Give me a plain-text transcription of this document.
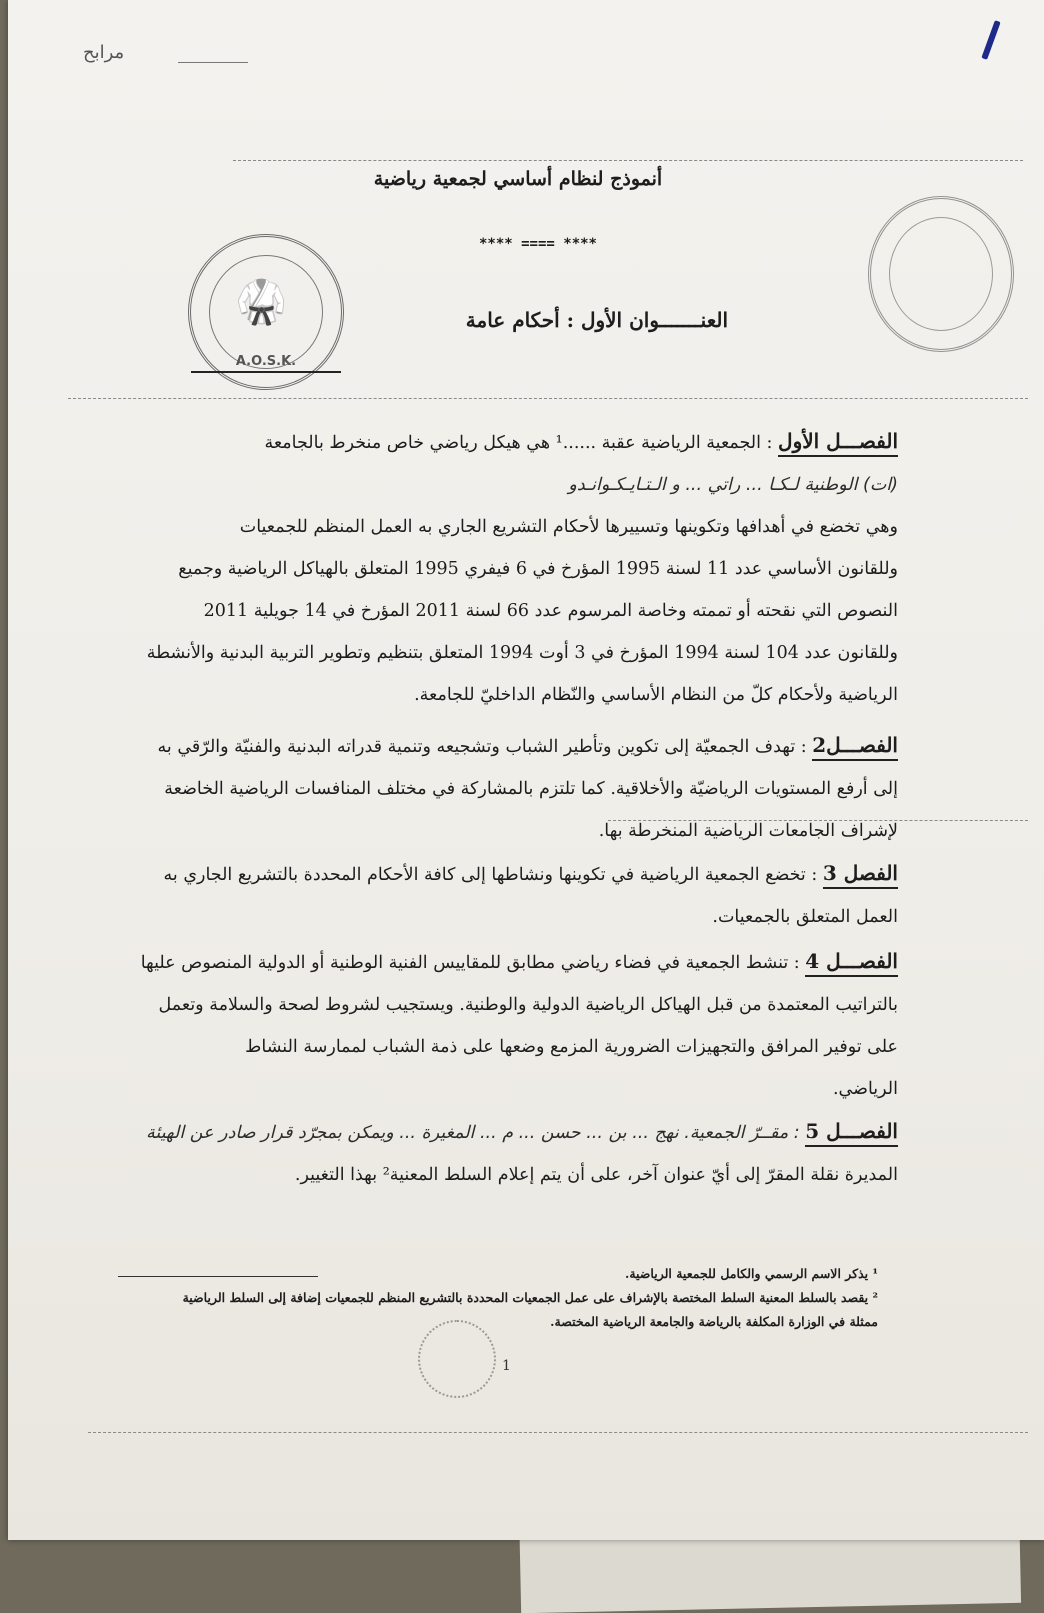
مرابح
أنموذج لنظام أساسي لجمعية رياضية
**** ==== ****
العنـــــــوان الأول : أحكام عامة
🥋
A.O.S.K.
الفصـــل الأول : الجمعية الرياضية عقبة ......¹ هي هيكل رياضي خاص منخرط بالجامعة
(ات) الوطنية لـكـا ... راتي ... و الـتـايـكـوانـدو
وهي تخضع في أهدافها وتكوينها وتسييرها لأحكام التشريع الجاري به العمل المنظم للجمعيات
وللقانون الأساسي عدد 11 لسنة 1995 المؤرخ في 6 فيفري 1995 المتعلق بالهياكل الرياضية وجميع
النصوص التي نقحته أو تممته وخاصة المرسوم عدد 66 لسنة 2011 المؤرخ في 14 جويلية 2011
وللقانون عدد 104 لسنة 1994 المؤرخ في 3 أوت 1994 المتعلق بتنظيم وتطوير التربية البدنية والأنشطة
الرياضية ولأحكام كلّ من النظام الأساسي والنّظام الداخليّ للجامعة.
الفصـــل2 : تهدف الجمعيّة إلى تكوين وتأطير الشباب وتشجيعه وتنمية قدراته البدنية والفنيّة والرّقي به
إلى أرفع المستويات الرياضيّة والأخلاقية. كما تلتزم بالمشاركة في مختلف المنافسات الرياضية الخاضعة
لإشراف الجامعات الرياضية المنخرطة بها.
الفصل 3 : تخضع الجمعية الرياضية في تكوينها ونشاطها إلى كافة الأحكام المحددة بالتشريع الجاري به
العمل المتعلق بالجمعيات.
الفصـــل 4 : تنشط الجمعية في فضاء رياضي مطابق للمقاييس الفنية الوطنية أو الدولية المنصوص عليها
بالتراتيب المعتمدة من قبل الهياكل الرياضية الدولية والوطنية. ويستجيب لشروط لصحة والسلامة وتعمل
على توفير المرافق والتجهيزات الضرورية المزمع وضعها على ذمة الشباب لممارسة النشاط
الرياضي.
الفصـــل 5 : مقــرّ الجمعية. نهج ... بن ... حسن ... م ... المغيرة ... ويمكن بمجرّد قرار صادر عن الهيئة
المديرة نقلة المقرّ إلى أيّ عنوان آخر، على أن يتم إعلام السلط المعنية² بهذا التغيير.
¹ يذكر الاسم الرسمي والكامل للجمعية الرياضية.
² يقصد بالسلط المعنية السلط المختصة بالإشراف على عمل الجمعيات المحددة بالتشريع المنظم للجمعيات إضافة إلى السلط الرياضية
ممثلة في الوزارة المكلفة بالرياضة والجامعة الرياضية المختصة.
1
